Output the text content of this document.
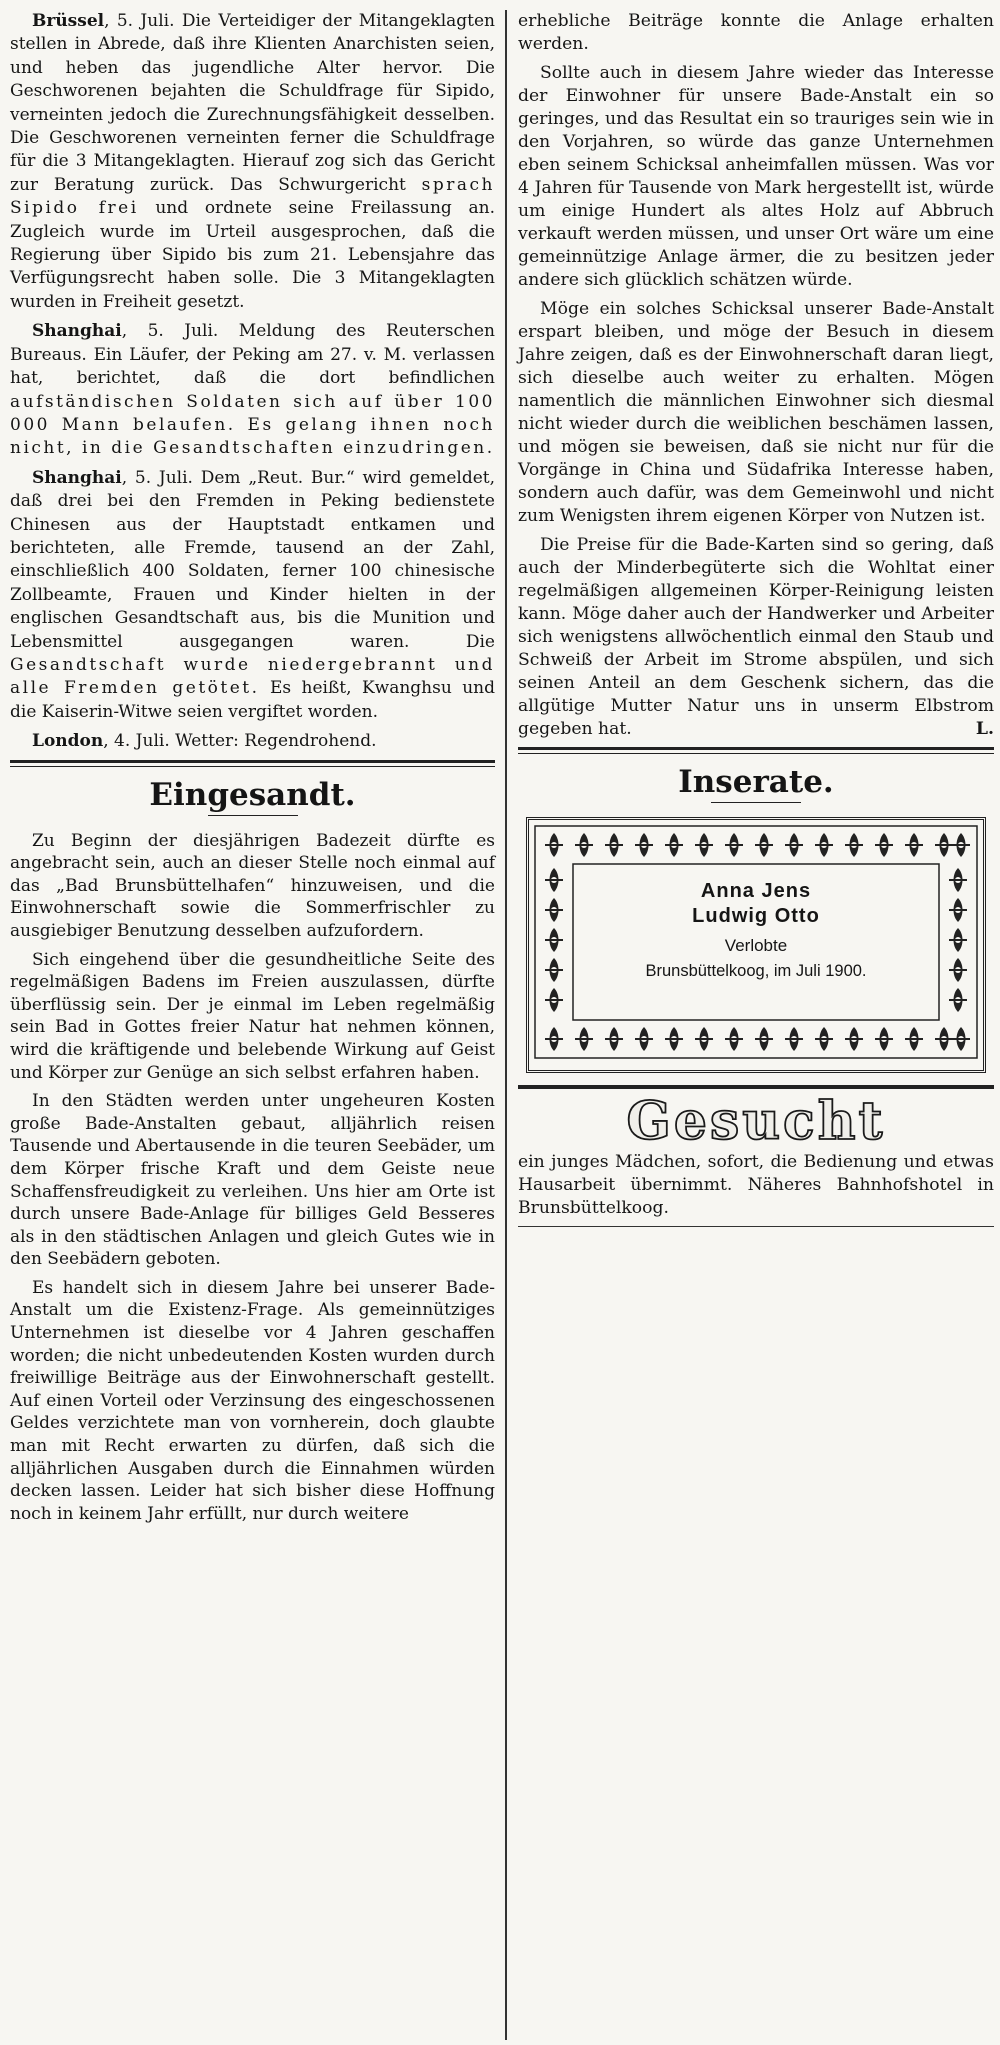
Brüssel, 5. Juli. Die Verteidiger der Mitangeklagten stellen in Abrede, daß ihre Klienten Anarchisten seien, und heben das jugendliche Alter hervor. Die Geschworenen bejahten die Schuldfrage für Sipido, verneinten jedoch die Zurechnungsfähigkeit desselben. Die Geschworenen verneinten ferner die Schuldfrage für die 3 Mitangeklagten. Hierauf zog sich das Gericht zur Beratung zurück. Das Schwurgericht sprach Sipido frei und ordnete seine Freilassung an. Zugleich wurde im Urteil ausgesprochen, daß die Regierung über Sipido bis zum 21. Lebensjahre das Verfügungsrecht haben solle. Die 3 Mitangeklagten wurden in Freiheit gesetzt.

Shanghai, 5. Juli. Meldung des Reuterschen Bureaus. Ein Läufer, der Peking am 27. v. M. verlassen hat, berichtet, daß die dort befindlichen aufständischen Soldaten sich auf über 100 000 Mann belaufen. Es gelang ihnen noch nicht, in die Gesandtschaften einzudringen.

Shanghai, 5. Juli. Dem „Reut. Bur.“ wird gemeldet, daß drei bei den Fremden in Peking bedienstete Chinesen aus der Hauptstadt entkamen und berichteten, alle Fremde, tausend an der Zahl, einschließlich 400 Soldaten, ferner 100 chinesische Zollbeamte, Frauen und Kinder hielten in der englischen Gesandtschaft aus, bis die Munition und Lebensmittel ausgegangen waren. Die Gesandtschaft wurde niedergebrannt und alle Fremden getötet. Es heißt, Kwanghsu und die Kaiserin-Witwe seien vergiftet worden.

London, 4. Juli. Wetter: Regendrohend.

Eingesandt.

Zu Beginn der diesjährigen Badezeit dürfte es angebracht sein, auch an dieser Stelle noch einmal auf das „Bad Brunsbüttelhafen“ hinzuweisen, und die Einwohnerschaft sowie die Sommerfrischler zu ausgiebiger Benutzung desselben aufzufordern.

Sich eingehend über die gesundheitliche Seite des regelmäßigen Badens im Freien auszulassen, dürfte überflüssig sein. Der je einmal im Leben regelmäßig sein Bad in Gottes freier Natur hat nehmen können, wird die kräftigende und belebende Wirkung auf Geist und Körper zur Genüge an sich selbst erfahren haben.

In den Städten werden unter ungeheuren Kosten große Bade-Anstalten gebaut, alljährlich reisen Tausende und Abertausende in die teuren Seebäder, um dem Körper frische Kraft und dem Geiste neue Schaffensfreudigkeit zu verleihen. Uns hier am Orte ist durch unsere Bade-Anlage für billiges Geld Besseres als in den städtischen Anlagen und gleich Gutes wie in den Seebädern geboten.

Es handelt sich in diesem Jahre bei unserer Bade-Anstalt um die Existenz-Frage. Als gemeinnütziges Unternehmen ist dieselbe vor 4 Jahren geschaffen worden; die nicht unbedeutenden Kosten wurden durch freiwillige Beiträge aus der Einwohnerschaft gestellt. Auf einen Vorteil oder Verzinsung des eingeschossenen Geldes verzichtete man von vornherein, doch glaubte man mit Recht erwarten zu dürfen, daß sich die alljährlichen Ausgaben durch die Einnahmen würden decken lassen. Leider hat sich bisher diese Hoffnung noch in keinem Jahr erfüllt, nur durch weitere

erhebliche Beiträge konnte die Anlage erhalten werden.

Sollte auch in diesem Jahre wieder das Interesse der Einwohner für unsere Bade-Anstalt ein so geringes, und das Resultat ein so trauriges sein wie in den Vorjahren, so würde das ganze Unternehmen eben seinem Schicksal anheimfallen müssen. Was vor 4 Jahren für Tausende von Mark hergestellt ist, würde um einige Hundert als altes Holz auf Abbruch verkauft werden müssen, und unser Ort wäre um eine gemeinnützige Anlage ärmer, die zu besitzen jeder andere sich glücklich schätzen würde.

Möge ein solches Schicksal unserer Bade-Anstalt erspart bleiben, und möge der Besuch in diesem Jahre zeigen, daß es der Einwohnerschaft daran liegt, sich dieselbe auch weiter zu erhalten. Mögen namentlich die männlichen Einwohner sich diesmal nicht wieder durch die weiblichen beschämen lassen, und mögen sie beweisen, daß sie nicht nur für die Vorgänge in China und Südafrika Interesse haben, sondern auch dafür, was dem Gemeinwohl und nicht zum Wenigsten ihrem eigenen Körper von Nutzen ist.

Die Preise für die Bade-Karten sind so gering, daß auch der Minderbegüterte sich die Wohltat einer regelmäßigen allgemeinen Körper-Reinigung leisten kann. Möge daher auch der Handwerker und Arbeiter sich wenigstens allwöchentlich einmal den Staub und Schweiß der Arbeit im Strome abspülen, und sich seinen Anteil an dem Geschenk sichern, das die allgütige Mutter Natur uns in unserm Elbstrom gegeben hat.	L.

Inserate.
Anna Jens
Ludwig Otto
Verlobte
Brunsbüttelkoog, im Juli 1900.
Gesucht

ein junges Mädchen, sofort, die Bedienung und etwas Hausarbeit übernimmt. Näheres Bahnhofshotel in Brunsbüttelkoog.
